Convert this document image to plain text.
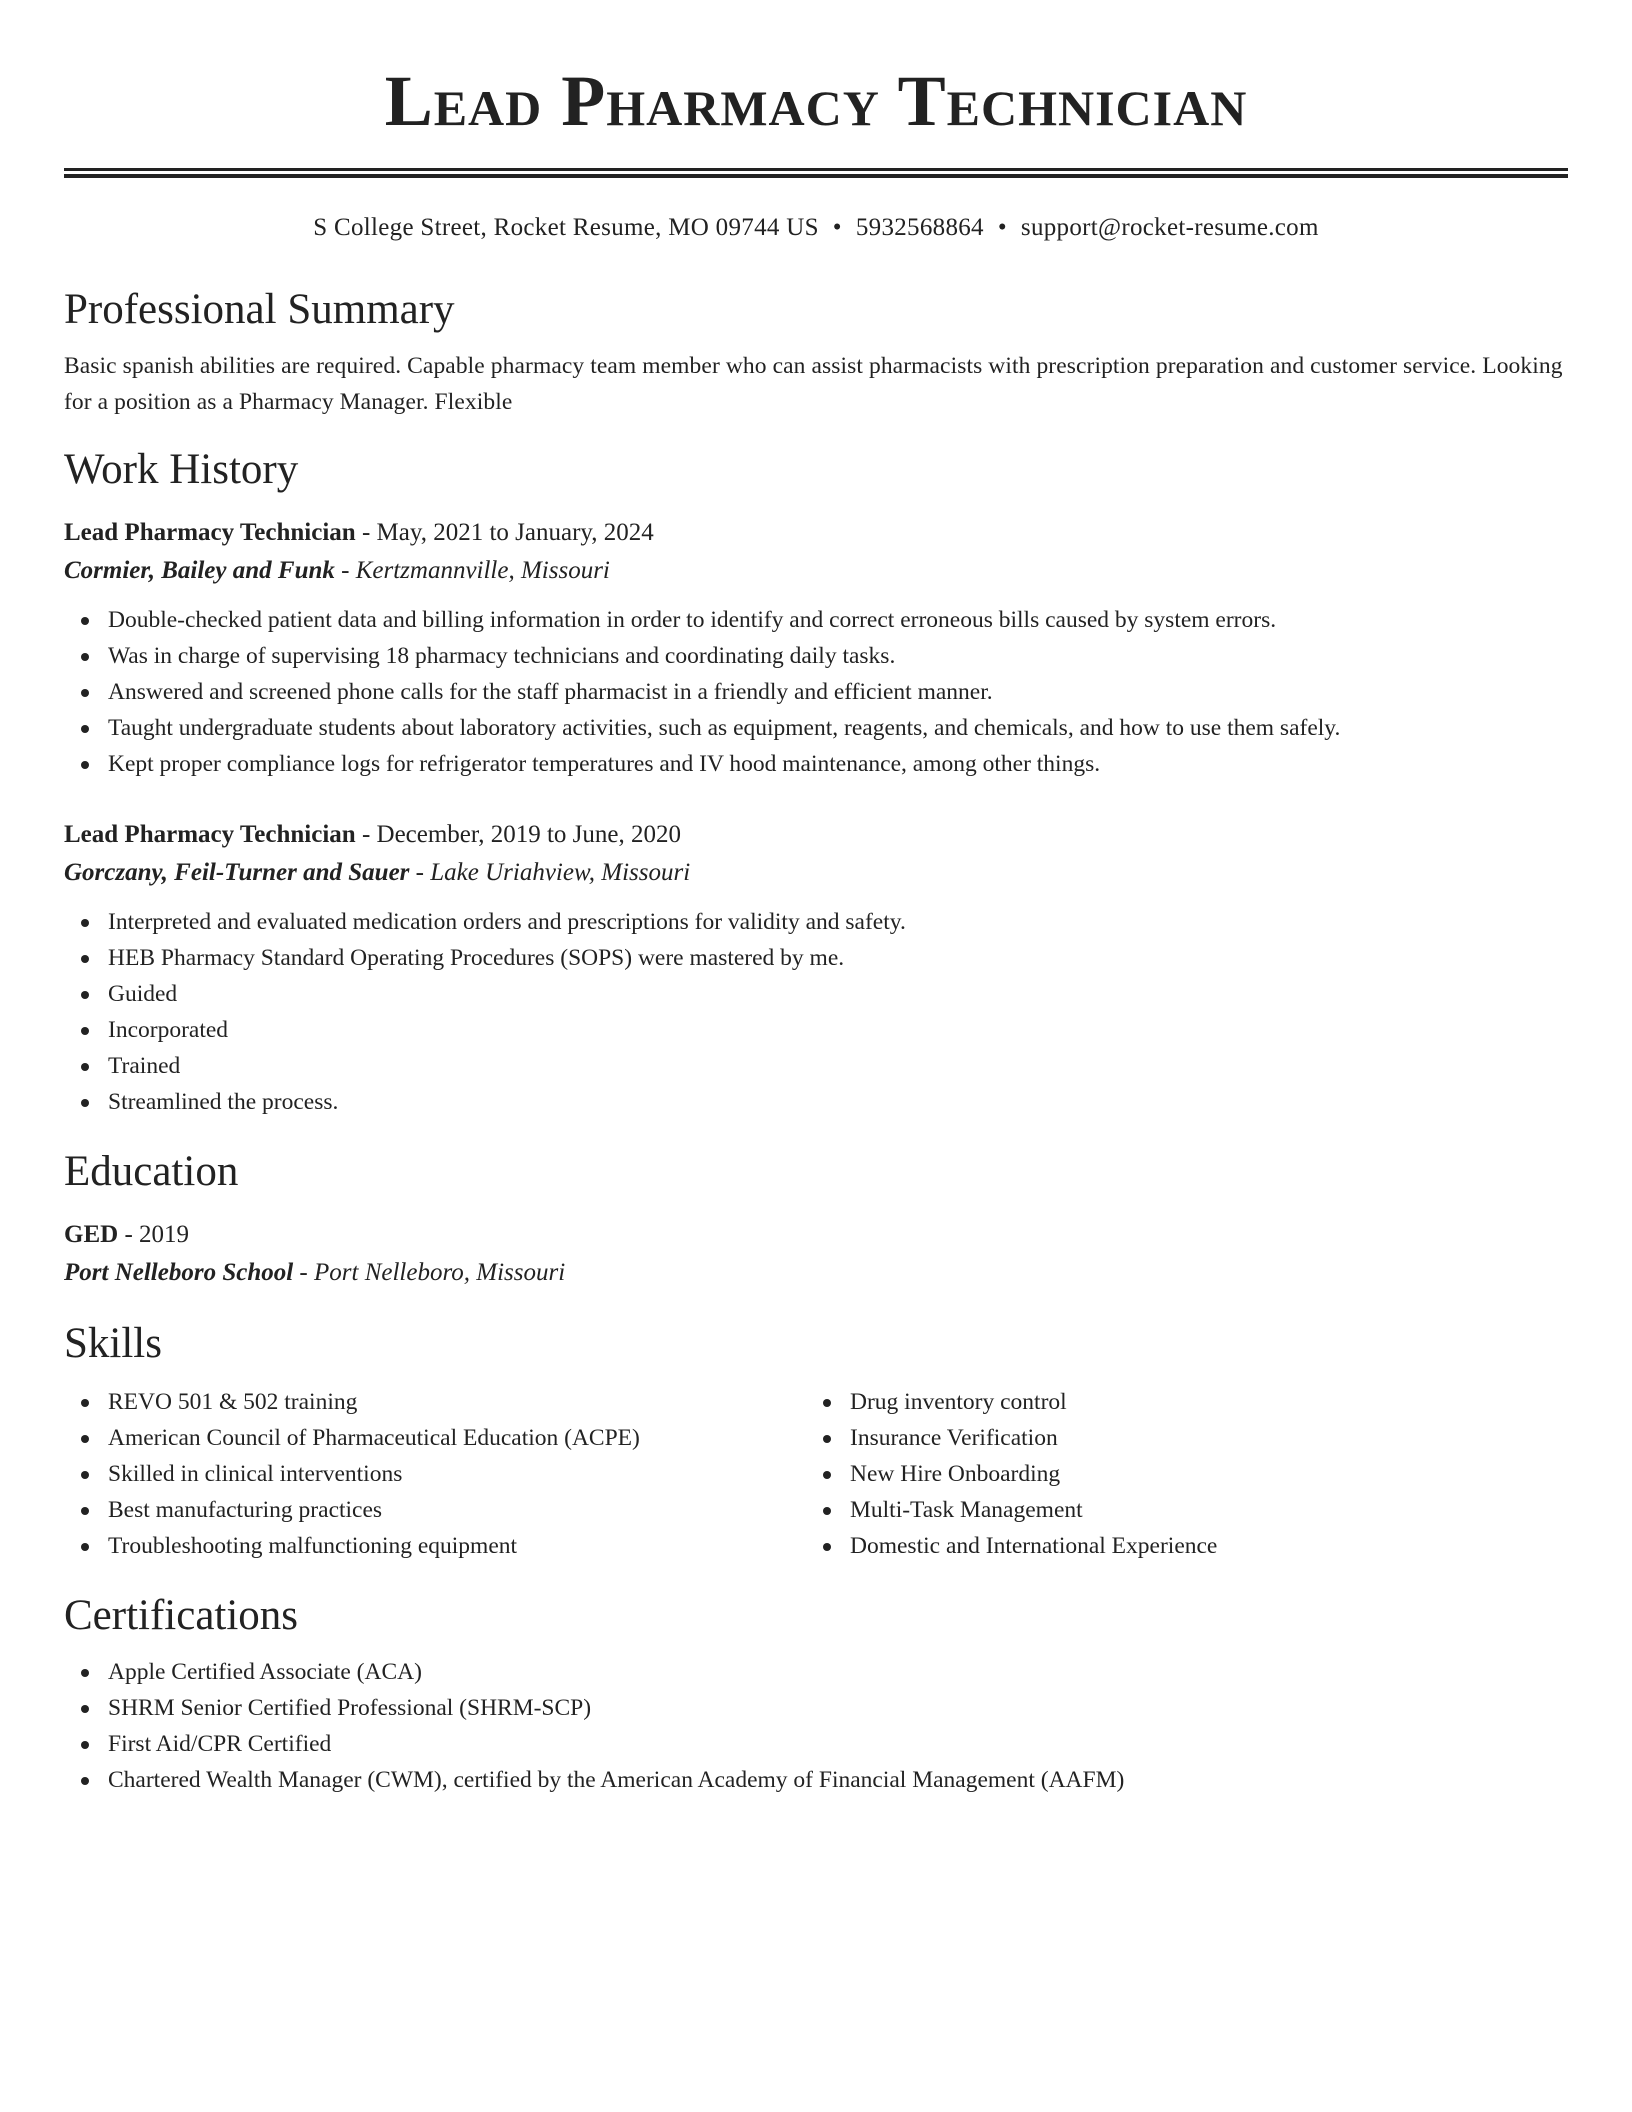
Lead Pharmacy Technician
S College Street, Rocket Resume, MO 09744 US • 5932568864 • support@rocket-resume.com
Professional Summary

Basic spanish abilities are required. Capable pharmacy team member who can assist pharmacists with prescription preparation and customer service. Looking for a position as a Pharmacy Manager. Flexible

Work History
Lead Pharmacy Technician - May, 2021 to January, 2024
Cormier, Bailey and Funk - Kertzmannville, Missouri
Double-checked patient data and billing information in order to identify and correct erroneous bills caused by system errors.
Was in charge of supervising 18 pharmacy technicians and coordinating daily tasks.
Answered and screened phone calls for the staff pharmacist in a friendly and efficient manner.
Taught undergraduate students about laboratory activities, such as equipment, reagents, and chemicals, and how to use them safely.
Kept proper compliance logs for refrigerator temperatures and IV hood maintenance, among other things.
Lead Pharmacy Technician - December, 2019 to June, 2020
Gorczany, Feil-Turner and Sauer - Lake Uriahview, Missouri
Interpreted and evaluated medication orders and prescriptions for validity and safety.
HEB Pharmacy Standard Operating Procedures (SOPS) were mastered by me.
Guided
Incorporated
Trained
Streamlined the process.
Education
GED - 2019
Port Nelleboro School - Port Nelleboro, Missouri
Skills
REVO 501 & 502 training
American Council of Pharmaceutical Education (ACPE)
Skilled in clinical interventions
Best manufacturing practices
Troubleshooting malfunctioning equipment
Drug inventory control
Insurance Verification
New Hire Onboarding
Multi-Task Management
Domestic and International Experience
Certifications
Apple Certified Associate (ACA)
SHRM Senior Certified Professional (SHRM-SCP)
First Aid/CPR Certified
Chartered Wealth Manager (CWM), certified by the American Academy of Financial Management (AAFM)
